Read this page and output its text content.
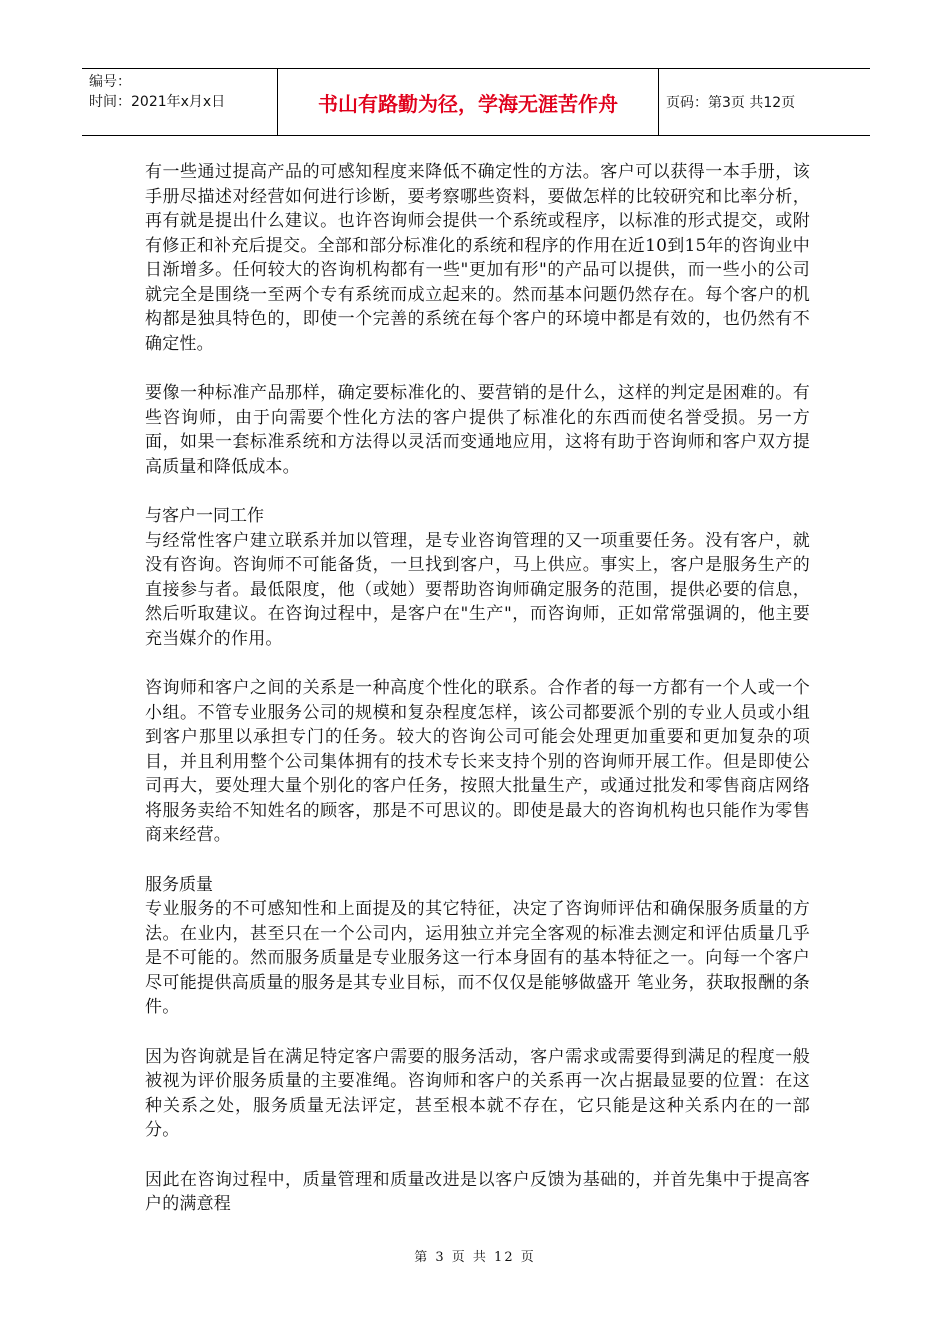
编号：
时间：2021年x月x日	书山有路勤为径，学海无涯苦作舟	页码：第3页 共12页

有一些通过提高产品的可感知程度来降低不确定性的方法。客户可以获得一本手册，该手册尽描述对经营如何进行诊断，要考察哪些资料，要做怎样的比较研究和比率分析，再有就是提出什么建议。也许咨询师会提供一个系统或程序，以标准的形式提交，或附有修正和补充后提交。全部和部分标准化的系统和程序的作用在近10到15年的咨询业中日渐增多。任何较大的咨询机构都有一些"更加有形"的产品可以提供，而一些小的公司就完全是围绕一至两个专有系统而成立起来的。然而基本问题仍然存在。每个客户的机构都是独具特色的，即使一个完善的系统在每个客户的环境中都是有效的，也仍然有不确定性。

要像一种标准产品那样，确定要标准化的、要营销的是什么，这样的判定是困难的。有些咨询师，由于向需要个性化方法的客户提供了标准化的东西而使名誉受损。另一方面，如果一套标准系统和方法得以灵活而变通地应用，这将有助于咨询师和客户双方提高质量和降低成本。

与客户一同工作

与经常性客户建立联系并加以管理，是专业咨询管理的又一项重要任务。没有客户，就没有咨询。咨询师不可能备货，一旦找到客户，马上供应。事实上，客户是服务生产的直接参与者。最低限度，他（或她）要帮助咨询师确定服务的范围，提供必要的信息，然后听取建议。在咨询过程中，是客户在"生产"，而咨询师，正如常常强调的，他主要充当媒介的作用。

咨询师和客户之间的关系是一种高度个性化的联系。合作者的每一方都有一个人或一个小组。不管专业服务公司的规模和复杂程度怎样，该公司都要派个别的专业人员或小组到客户那里以承担专门的任务。较大的咨询公司可能会处理更加重要和更加复杂的项目，并且利用整个公司集体拥有的技术专长来支持个别的咨询师开展工作。但是即使公司再大，要处理大量个别化的客户任务，按照大批量生产，或通过批发和零售商店网络将服务卖给不知姓名的顾客，那是不可思议的。即使是最大的咨询机构也只能作为零售商来经营。

服务质量

专业服务的不可感知性和上面提及的其它特征，决定了咨询师评估和确保服务质量的方法。在业内，甚至只在一个公司内，运用独立并完全客观的标准去测定和评估质量几乎是不可能的。然而服务质量是专业服务这一行本身固有的基本特征之一。向每一个客户尽可能提供高质量的服务是其专业目标，而不仅仅是能够做盛开 笔业务，获取报酬的条件。

因为咨询就是旨在满足特定客户需要的服务活动，客户需求或需要得到满足的程度一般被视为评价服务质量的主要准绳。咨询师和客户的关系再一次占据最显要的位置：在这种关系之处，服务质量无法评定，甚至根本就不存在，它只能是这种关系内在的一部分。

因此在咨询过程中，质量管理和质量改进是以客户反馈为基础的，并首先集中于提高客户的满意程

第 3 页 共 12 页
